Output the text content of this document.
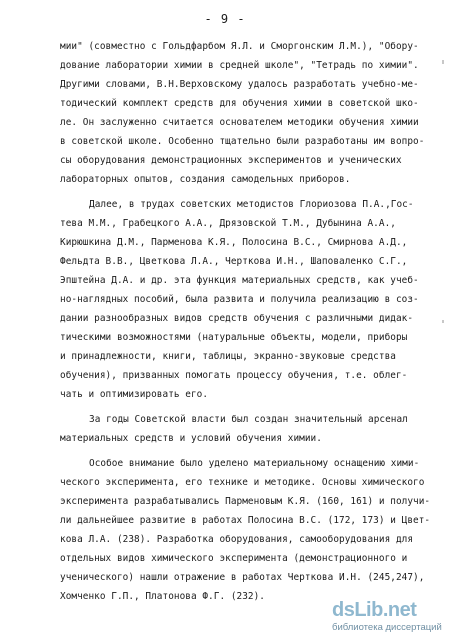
- 9 -
мии" (совместно с Гольдфарбом Я.Л. и Сморгонским Л.М.), "Обору-
дование лаборатории химии в средней школе", "Тетрадь по химии".
Другими словами, В.Н.Верховскому удалось разработать учебно-ме-
тодический комплект средств для обучения химии в советской шко-
ле. Он заслуженно считается основателем методики обучения химии
в советской школе. Особенно тщательно были разработаны им вопро-
сы оборудования демонстрационных экспериментов и ученических
лабораторных опытов, создания самодельных приборов.
Далее, в трудах советских методистов Глориозова П.А.,Гос-
тева М.М., Грабецкого А.А., Дрязовской Т.М., Дубынина А.А.,
Кирюшкина Д.М., Парменова К.Я., Полосина В.С., Смирнова А.Д.,
Фельдта В.В., Цветкова Л.А., Черткова И.Н., Шаповаленко С.Г.,
Эпштейна Д.А. и др. эта функция материальных средств, как учеб-
но-наглядных пособий, была развита и получила реализацию в соз-
дании разнообразных видов средств обучения с различными дидак-
тическими возможностями (натуральные объекты, модели, приборы
и принадлежности, книги, таблицы, экранно-звуковые средства
обучения), призванных помогать процессу обучения, т.е. облег-
чать и оптимизировать его.
За годы Советской власти был создан значительный арсенал
материальных средств и условий обучения химии.
Особое внимание было уделено материальному оснащению хими-
ческого эксперимента, его технике и методике. Основы химического
эксперимента разрабатывались Парменовым К.Я. (160, 161) и получи-
ли дальнейшее развитие в работах Полосина В.С. (172, 173) и Цвет-
кова Л.А. (238). Разработка оборудования, самооборудования для
отдельных видов химического эксперимента (демонстрационного и
ученического) нашли отражение в работах Черткова И.Н. (245,247),
Хомченко Г.П., Платонова Ф.Г. (232).
dsLib.net
библиотека диссертаций
